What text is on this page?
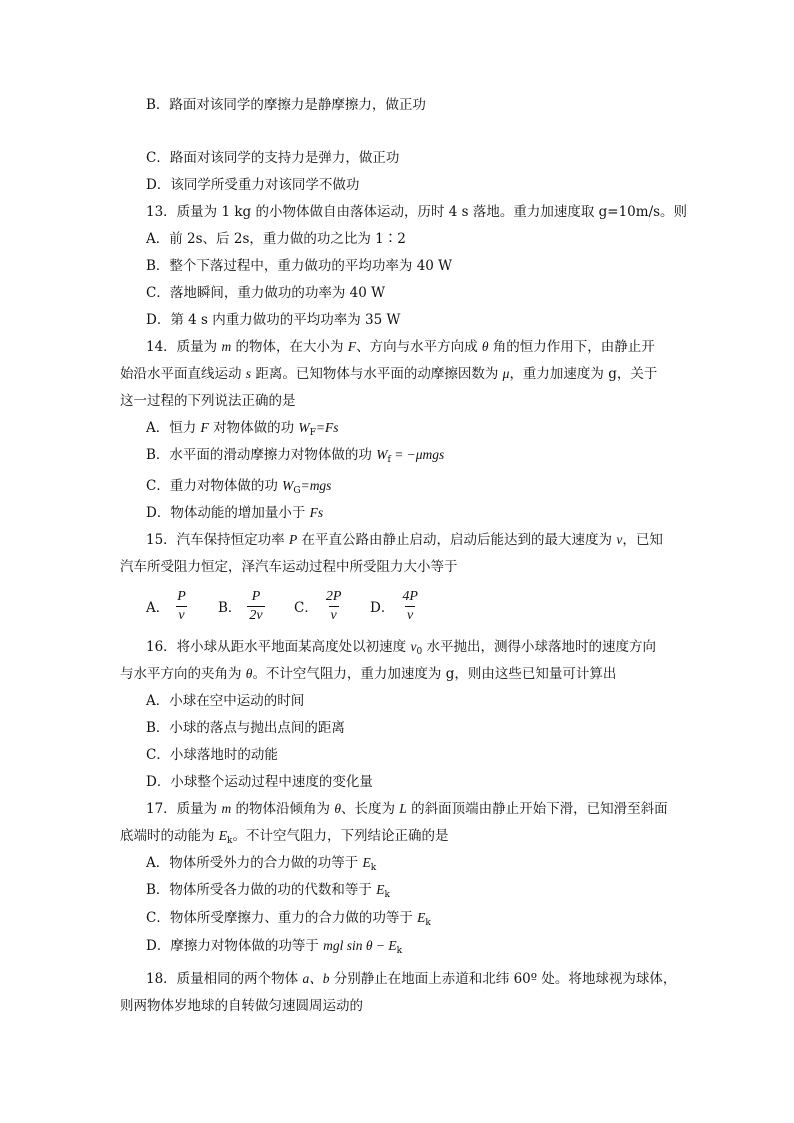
B．路面对该同学的摩擦力是静摩擦力，做正功
C．路面对该同学的支持力是弹力，做正功
D．该同学所受重力对该同学不做功
13．质量为 1 kg 的小物体做自由落体运动，历时 4 s 落地。重力加速度取 g=10m/s。则
A．前 2s、后 2s，重力做的功之比为 1∶2
B．整个下落过程中，重力做功的平均功率为 40 W
C．落地瞬间，重力做功的功率为 40 W
D．第 4 s 内重力做功的平均功率为 35 W
14．质量为 m 的物体，在大小为 F、方向与水平方向成 θ 角的恒力作用下，由静止开
始沿水平面直线运动 s 距离。已知物体与水平面的动摩擦因数为 μ，重力加速度为 g，关于
这一过程的下列说法正确的是
A．恒力 F 对物体做的功 $W_F=Fs$
B．水平面的滑动摩擦力对物体做的功 $W_f = -\mu mgs$
C．重力对物体做的功 $W_G=mgs$
D．物体动能的增加量小于 Fs
15．汽车保持恒定功率 P 在平直公路由静止启动，启动后能达到的最大速度为 v，已知
汽车所受阻力恒定，泽汽车运动过程中所受阻力大小等于
A． $\frac{P}{v}$ B． $\frac{P}{2v}$ C． $\frac{2P}{v}$ D． $\frac{4P}{v}$
16．将小球从距水平地面某高度处以初速度 $v_0$ 水平抛出，测得小球落地时的速度方向
与水平方向的夹角为 θ。不计空气阻力，重力加速度为 g，则由这些已知量可计算出
A．小球在空中运动的时间
B．小球的落点与抛出点间的距离
C．小球落地时的动能
D．小球整个运动过程中速度的变化量
17．质量为 m 的物体沿倾角为 θ、长度为 L 的斜面顶端由静止开始下滑，已知滑至斜面
底端时的动能为 $E_k$。不计空气阻力，下列结论正确的是
A．物体所受外力的合力做的功等于 $E_k$
B．物体所受各力做的功的代数和等于 $E_k$
C．物体所受摩擦力、重力的合力做的功等于 $E_k$
D．摩擦力对物体做的功等于 mgl $\sin \theta - E_k$
18．质量相同的两个物体 a、b 分别静止在地面上赤道和北纬 60º 处。将地球视为球体，
则两物体岁地球的自转做匀速圆周运动的
